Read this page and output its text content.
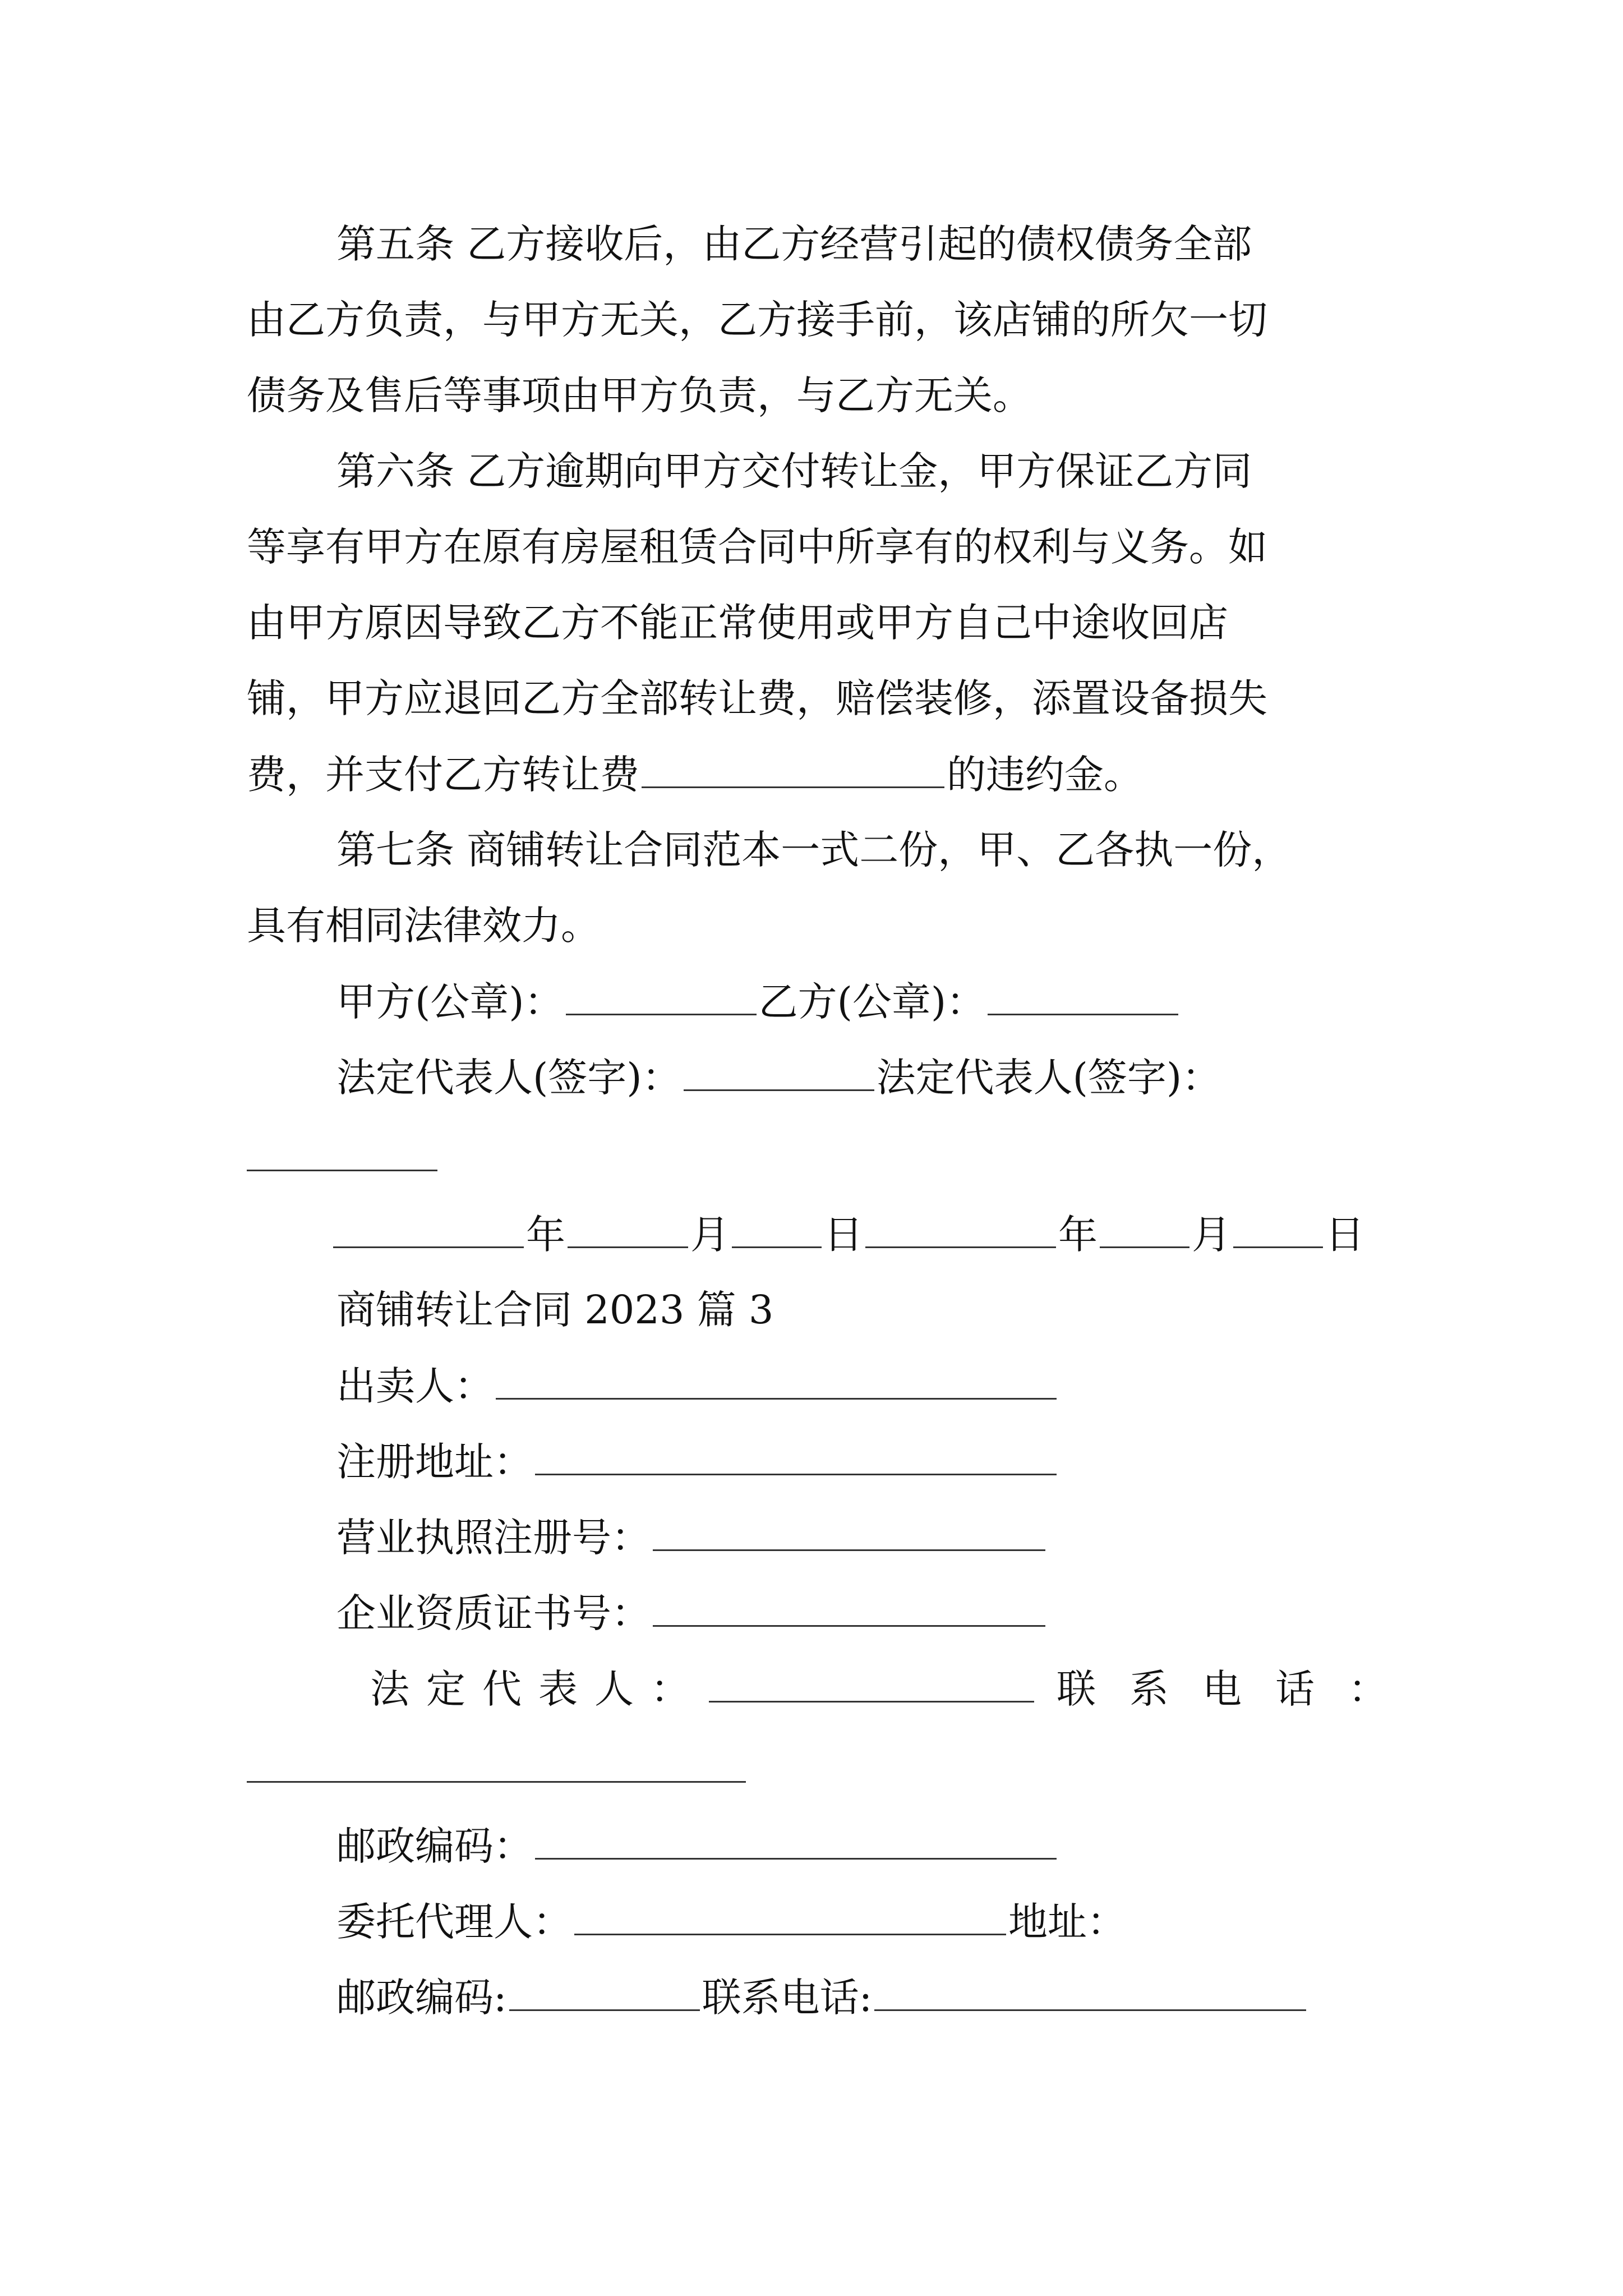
第五条 乙方接收后，由乙方经营引起的债权债务全部
由乙方负责，与甲方无关，乙方接手前，该店铺的所欠一切
债务及售后等事项由甲方负责，与乙方无关。
第六条 乙方逾期向甲方交付转让金，甲方保证乙方同
等享有甲方在原有房屋租赁合同中所享有的权利与义务。如
由甲方原因导致乙方不能正常使用或甲方自己中途收回店
铺，甲方应退回乙方全部转让费，赔偿装修，添置设备损失
费，并支付乙方转让费	的违约金。
第七条 商铺转让合同范本一式二份，甲、乙各执一份，
具有相同法律效力。
甲方(公章)：	乙方(公章)：
法定代表人(签字)：	法定代表人(签字)：
年	月 日	年 月 日
商铺转让合同 2023 篇 3
出卖人：
注册地址：
营业执照注册号：
企业资质证书号：
法定代表人：	联系电话：
邮政编码：
委托代理人：	地址：
邮政编码:	联系电话:
